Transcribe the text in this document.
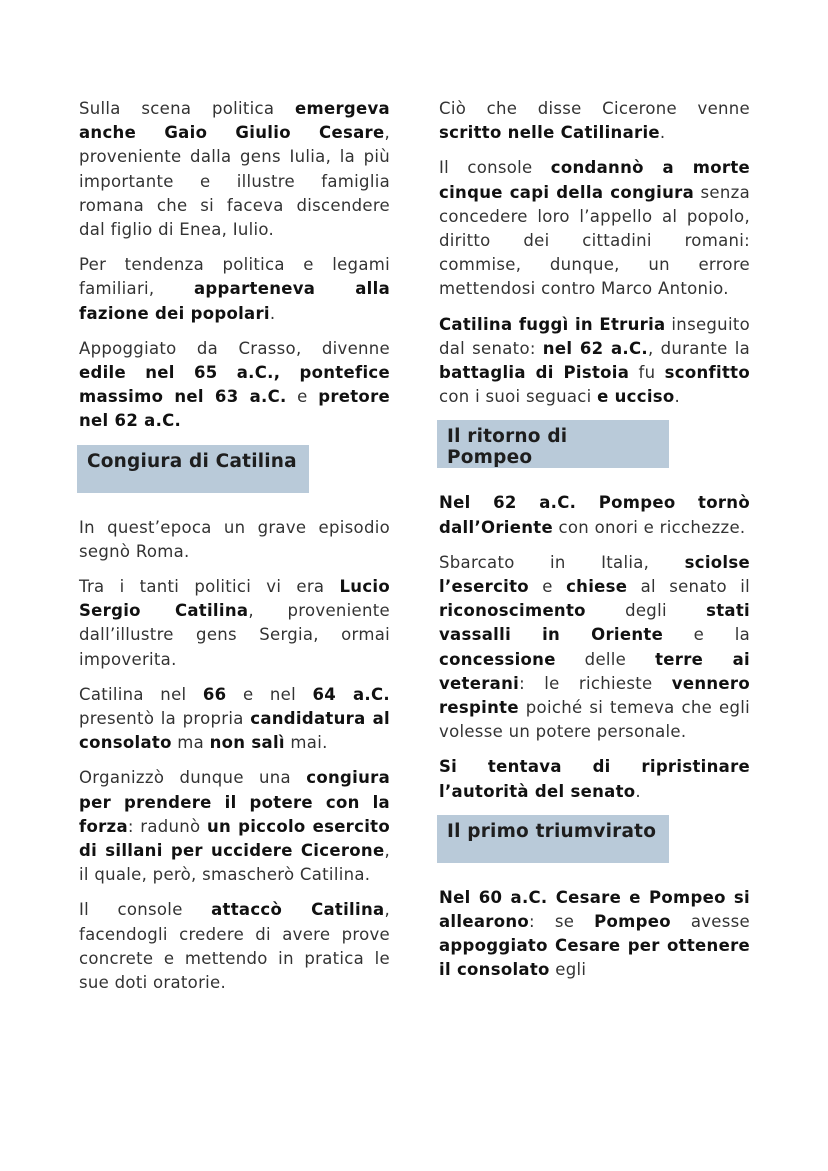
Sulla scena politica emergeva anche Gaio Giulio Cesare, proveniente dalla gens Iulia, la più importante e illustre famiglia romana che si faceva discendere dal figlio di Enea, Iulio.

Per tendenza politica e legami familiari, apparteneva alla fazione dei popolari.

Appoggiato da Crasso, divenne edile nel 65 a.C., pontefice massimo nel 63 a.C. e pretore nel 62 a.C.

Congiura di Catilina

In quest’epoca un grave episodio segnò Roma.

Tra i tanti politici vi era Lucio Sergio Catilina, proveniente dall’illustre gens Sergia, ormai impoverita.

Catilina nel 66 e nel 64 a.C. presentò la propria candidatura al consolato ma non salì mai.

Organizzò dunque una congiura per prendere il potere con la forza: radunò un piccolo esercito di sillani per uccidere Cicerone, il quale, però, smascherò Catilina.

Il console attaccò Catilina, facendogli credere di avere prove concrete e mettendo in pratica le sue doti oratorie.

Ciò che disse Cicerone venne scritto nelle Catilinarie.

Il console condannò a morte cinque capi della congiura senza concedere loro l’appello al popolo, diritto dei cittadini romani: commise, dunque, un errore mettendosi contro Marco Antonio.

Catilina fuggì in Etruria inseguito dal senato: nel 62 a.C., durante la battaglia di Pistoia fu sconfitto con i suoi seguaci e ucciso.

Il ritorno di Pompeo

Nel 62 a.C. Pompeo tornò dall’Oriente con onori e ricchezze.

Sbarcato in Italia, sciolse l’esercito e chiese al senato il riconoscimento degli stati vassalli in Oriente e la concessione delle terre ai veterani: le richieste vennero respinte poiché si temeva che egli volesse un potere personale.

Si tentava di ripristinare l’autorità del senato.

Il primo triumvirato

Nel 60 a.C. Cesare e Pompeo si allearono: se Pompeo avesse appoggiato Cesare per ottenere il consolato egli
